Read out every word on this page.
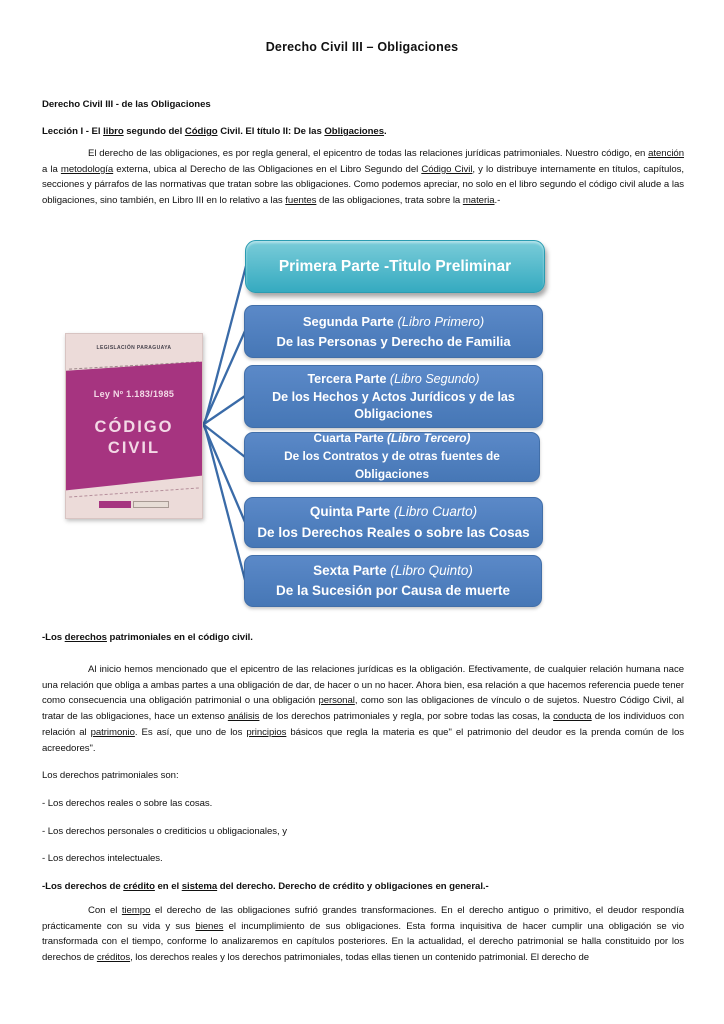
Derecho Civil III – Obligaciones

Derecho Civil III - de las Obligaciones

Lección I - El libro segundo del Código Civil. El título II: De las Obligaciones.

El derecho de las obligaciones, es por regla general, el epicentro de todas las relaciones jurídicas patrimoniales. Nuestro código, en atención a la metodología externa, ubica al Derecho de las Obligaciones en el Libro Segundo del Código Civil, y lo distribuye internamente en títulos, capítulos, secciones y párrafos de las normativas que tratan sobre las obligaciones. Como podemos apreciar, no solo en el libro segundo el código civil alude a las obligaciones, sino también, en Libro III en lo relativo a las fuentes de las obligaciones, trata sobre la materia.-

LEGISLACIÓN PARAGUAYA
Ley Nº 1.183/1985
CÓDIGO
CIVIL
Primera Parte -Titulo Preliminar
Segunda Parte (Libro Primero)
De las Personas y Derecho de Familia
Tercera Parte (Libro Segundo)
De los Hechos y Actos Jurídicos y de las Obligaciones
Cuarta Parte (Libro Tercero)
De los Contratos y de otras fuentes de Obligaciones
Quinta Parte (Libro Cuarto)
De los Derechos Reales o sobre las Cosas
Sexta Parte (Libro Quinto)
De la Sucesión por Causa de muerte

-Los derechos patrimoniales en el código civil.

Al inicio hemos mencionado que el epicentro de las relaciones jurídicas es la obligación. Efectivamente, de cualquier relación humana nace una relación que obliga a ambas partes a una obligación de dar, de hacer o un no hacer. Ahora bien, esa relación a que hacemos referencia puede tener como consecuencia una obligación patrimonial o una obligación personal, como son las obligaciones de vínculo o de sujetos. Nuestro Código Civil, al tratar de las obligaciones, hace un extenso análisis de los derechos patrimoniales y regla, por sobre todas las cosas, la conducta de los individuos con relación al patrimonio. Es así, que uno de los principios básicos que regla la materia es que" el patrimonio del deudor es la prenda común de los acreedores".

Los derechos patrimoniales son:

- Los derechos reales o sobre las cosas.

- Los derechos personales o crediticios u obligacionales, y

- Los derechos intelectuales.

-Los derechos de crédito en el sistema del derecho. Derecho de crédito y obligaciones en general.-

Con el tiempo el derecho de las obligaciones sufrió grandes transformaciones. En el derecho antiguo o primitivo, el deudor respondía prácticamente con su vida y sus bienes el incumplimiento de sus obligaciones. Esta forma inquisitiva de hacer cumplir una obligación se vio transformada con el tiempo, conforme lo analizaremos en capítulos posteriores. En la actualidad, el derecho patrimonial se halla constituido por los derechos de créditos, los derechos reales y los derechos patrimoniales, todas ellas tienen un contenido patrimonial. El derecho de
